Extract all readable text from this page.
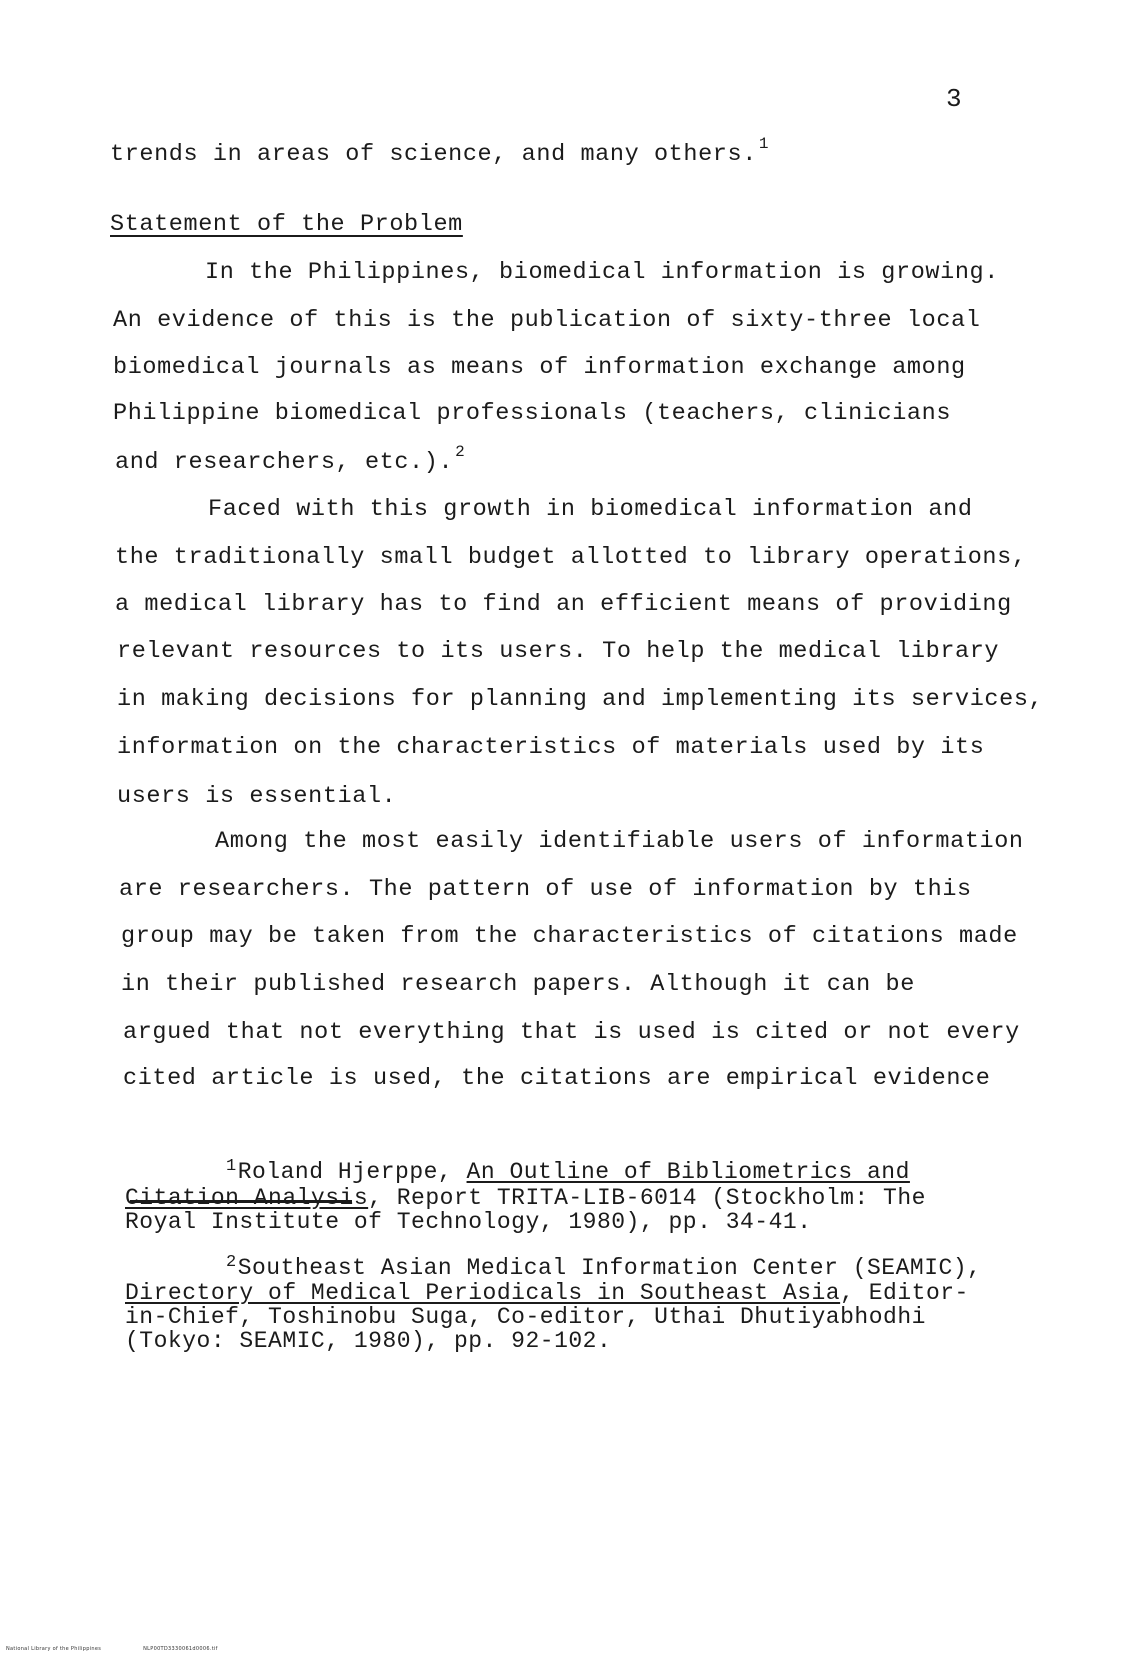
3
trends in areas of science, and many others. $^1$
Statement of the Problem
In the Philippines, biomedical information is growing.
An evidence of this is the publication of sixty-three local
biomedical journals as means of information exchange among
Philippine biomedical professionals (teachers, clinicians
and researchers, etc.). $^2$
Faced with this growth in biomedical information and
the traditionally small budget allotted to library operations,
a medical library has to find an efficient means of providing
relevant resources to its users. To help the medical library
in making decisions for planning and implementing its services,
information on the characteristics of materials used by its
users is essential.
Among the most easily identifiable users of information
are researchers. The pattern of use of information by this
group may be taken from the characteristics of citations made
in their published research papers. Although it can be
argued that not everything that is used is cited or not every
cited article is used, the citations are empirical evidence
$^1$Roland Hjerppe, An Outline of Bibliometrics and
Citation Analysis, Report TRITA-LIB-6014 (Stockholm: The
Royal Institute of Technology, 1980), pp. 34-41.
$^2$Southeast Asian Medical Information Center (SEAMIC),
Directory of Medical Periodicals in Southeast Asia, Editor-
in-Chief, Toshinobu Suga, Co-editor, Uthai Dhutiyabhodhi
(Tokyo: SEAMIC, 1980), pp. 92-102.
National Library of the Philippines	NLP00TD3330061d0006.tif
